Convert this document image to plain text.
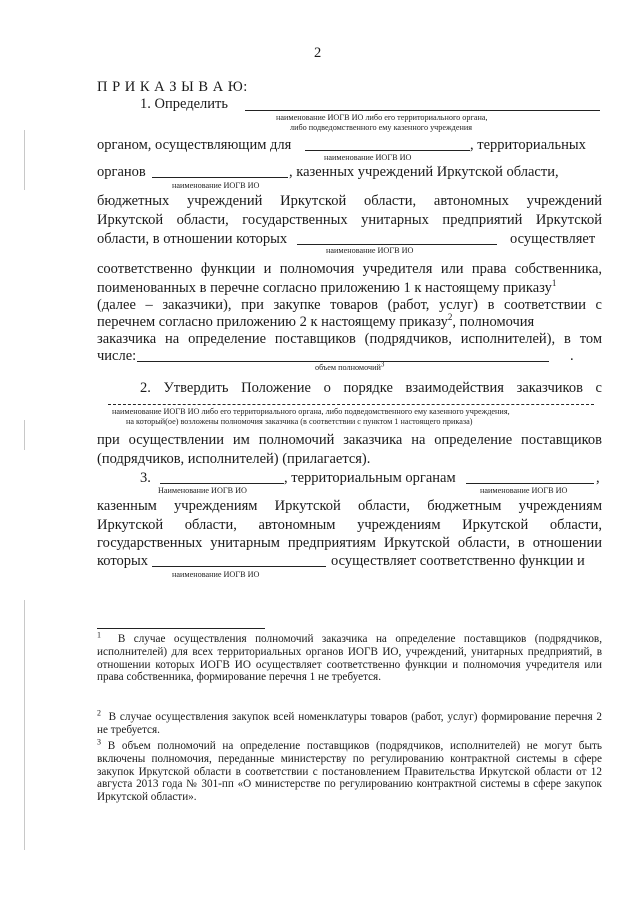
2
П Р И К А З Ы В А Ю:
1. Определить
наименование ИОГВ ИО либо его территориального органа,
либо подведомственного ему казенного учреждения
органом, осуществляющим для	, территориальных
наименование ИОГВ ИО
органов	, казенных учреждений Иркутской области,
наименование ИОГВ ИО
бюджетных учреждений Иркутской области, автономных учреждений
Иркутской области, государственных унитарных предприятий Иркутской
области, в отношении которых	осуществляет
наименование ИОГВ ИО
соответственно функции и полномочия учредителя или права собственника,
поименованных в перечне согласно приложению 1 к настоящему приказу$^1$
(далее – заказчики), при закупке товаров (работ, услуг) в соответствии с
перечнем согласно приложению 2 к настоящему приказу$^2$, полномочия
заказчика на определение поставщиков (подрядчиков, исполнителей), в том
числе:	.
объем полномочий$^3$
2. Утвердить Положение о порядке взаимодействия заказчиков с
наименование ИОГВ ИО либо его территориального органа, либо подведомственного ему казенного учреждения,
на который(ое) возложены полномочия заказчика (в соответствии с пунктом 1 настоящего приказа)
при осуществлении им полномочий заказчика на определение поставщиков
(подрядчиков, исполнителей) (прилагается).
3.	, территориальным органам	,
Наименование ИОГВ ИО	наименование ИОГВ ИО
казенным учреждениям Иркутской области, бюджетным учреждениям
Иркутской области, автономным учреждениям Иркутской области,
государственных унитарным предприятиям Иркутской области, в отношении
которых	осуществляет соответственно функции и
наименование ИОГВ ИО
$^1$ В случае осуществления полномочий заказчика на определение поставщиков (подрядчиков, исполнителей) для всех территориальных органов ИОГВ ИО, учреждений, унитарных предприятий, в отношении которых ИОГВ ИО осуществляет соответственно функции и полномочия учредителя или права собственника, формирование перечня 1 не требуется.
$^2$ В случае осуществления закупок всей номенклатуры товаров (работ, услуг) формирование перечня 2 не требуется.
$^3$ В объем полномочий на определение поставщиков (подрядчиков, исполнителей) не могут быть включены полномочия, переданные министерству по регулированию контрактной системы в сфере закупок Иркутской области в соответствии с постановлением Правительства Иркутской области от 12 августа 2013 года № 301-пп «О министерстве по регулированию контрактной системы в сфере закупок Иркутской области».
